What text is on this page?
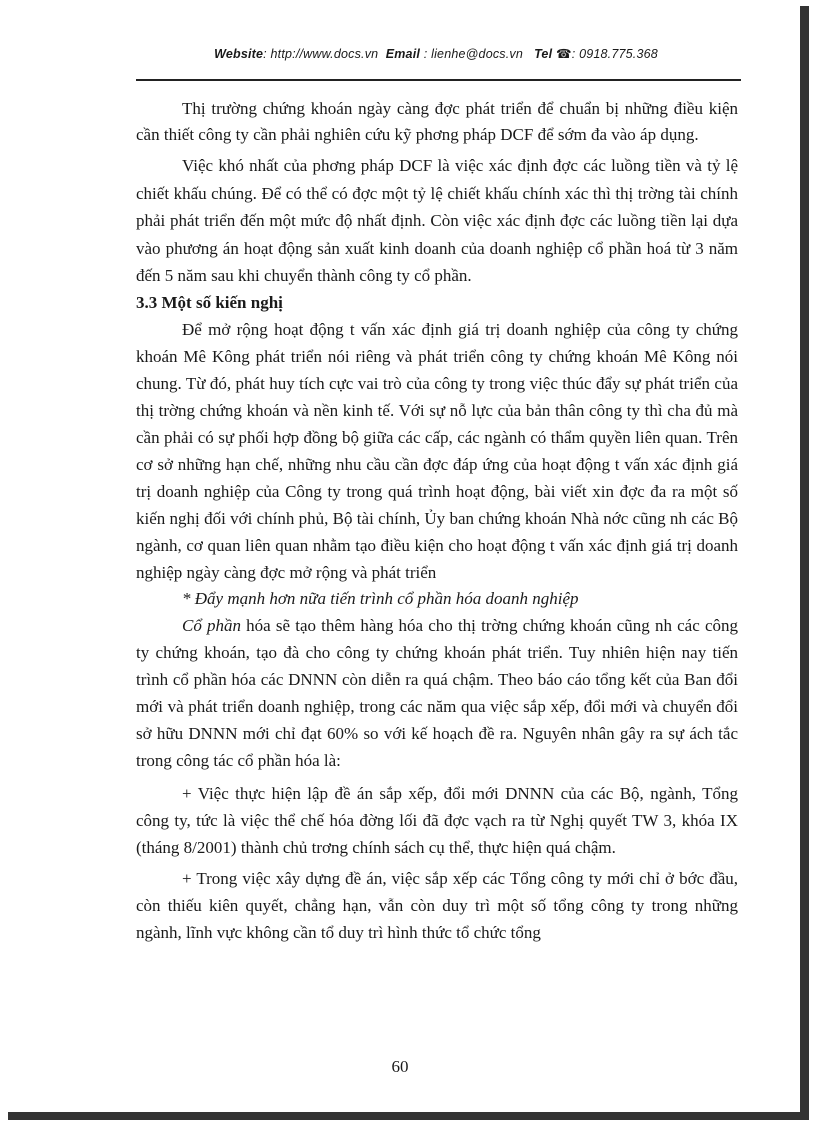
Website: http://www.docs.vn Email : lienhe@docs.vn Tel ☎: 0918.775.368

Thị trường chứng khoán ngày càng đợc phát triển để chuẩn bị những điều kiện cần thiết công ty cần phải nghiên cứu kỹ phơng pháp DCF để sớm đa vào áp dụng.

Việc khó nhất của phơng pháp DCF là việc xác định đợc các luồng tiền và tỷ lệ chiết khấu chúng. Để có thể có đợc một tỷ lệ chiết khấu chính xác thì thị trờng tài chính phải phát triển đến một mức độ nhất định. Còn việc xác định đợc các luồng tiền lại dựa vào phương án hoạt động sản xuất kinh doanh của doanh nghiệp cổ phần hoá từ 3 năm đến 5 năm sau khi chuyển thành công ty cổ phần.

3.3 Một số kiến nghị

Để mở rộng hoạt động t vấn xác định giá trị doanh nghiệp của công ty chứng khoán Mê Kông phát triển nói riêng và phát triển công ty chứng khoán Mê Kông nói chung. Từ đó, phát huy tích cực vai trò của công ty trong việc thúc đẩy sự phát triển của thị trờng chứng khoán và nền kinh tế. Với sự nỗ lực của bản thân công ty thì cha đủ mà cần phải có sự phối hợp đồng bộ giữa các cấp, các ngành có thẩm quyền liên quan. Trên cơ sở những hạn chế, những nhu cầu cần đợc đáp ứng của hoạt động t vấn xác định giá trị doanh nghiệp của Công ty trong quá trình hoạt động, bài viết xin đợc đa ra một số kiến nghị đối với chính phủ, Bộ tài chính, Ủy ban chứng khoán Nhà nớc cũng nh các Bộ ngành, cơ quan liên quan nhằm tạo điều kiện cho hoạt động t vấn xác định giá trị doanh nghiệp ngày càng đợc mở rộng và phát triển

* Đẩy mạnh hơn nữa tiến trình cổ phần hóa doanh nghiệp

Cổ phần hóa sẽ tạo thêm hàng hóa cho thị trờng chứng khoán cũng nh các công ty chứng khoán, tạo đà cho công ty chứng khoán phát triển. Tuy nhiên hiện nay tiến trình cổ phần hóa các DNNN còn diễn ra quá chậm. Theo báo cáo tổng kết của Ban đổi mới và phát triển doanh nghiệp, trong các năm qua việc sắp xếp, đổi mới và chuyển đổi sở hữu DNNN mới chỉ đạt 60% so với kế hoạch đề ra. Nguyên nhân gây ra sự ách tắc trong công tác cổ phần hóa là:

+ Việc thực hiện lập đề án sắp xếp, đổi mới DNNN của các Bộ, ngành, Tổng công ty, tức là việc thể chế hóa đờng lối đã đợc vạch ra từ Nghị quyết TW 3, khóa IX (tháng 8/2001) thành chủ trơng chính sách cụ thể, thực hiện quá chậm.

+ Trong việc xây dựng đề án, việc sắp xếp các Tổng công ty mới chỉ ở bớc đầu, còn thiếu kiên quyết, chẳng hạn, vẫn còn duy trì một số tổng công ty trong những ngành, lĩnh vực không cần tổ duy trì hình thức tổ chức tổng

60
